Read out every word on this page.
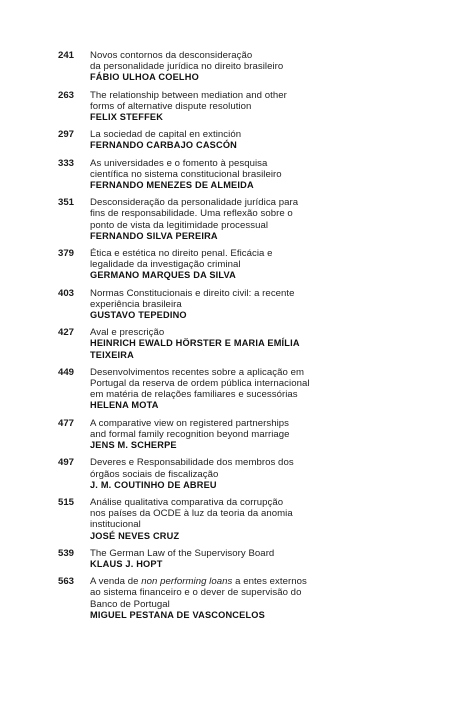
241	Novos contornos da desconsideração
da personalidade jurídica no direito brasileiro
FÁBIO ULHOA COELHO
263	The relationship between mediation and other
forms of alternative dispute resolution
FELIX STEFFEK
297	La sociedad de capital en extinción
FERNANDO CARBAJO CASCÓN
333	As universidades e o fomento à pesquisa
científica no sistema constitucional brasileiro
FERNANDO MENEZES DE ALMEIDA
351	Desconsideração da personalidade jurídica para
fins de responsabilidade. Uma reflexão sobre o
ponto de vista da legitimidade processual
FERNANDO SILVA PEREIRA
379	Ética e estética no direito penal. Eficácia e
legalidade da investigação criminal
GERMANO MARQUES DA SILVA
403	Normas Constitucionais e direito civil: a recente
experiência brasileira
GUSTAVO TEPEDINO
427	Aval e prescrição
HEINRICH EWALD HÖRSTER E MARIA EMÍLIA TEIXEIRA
449	Desenvolvimentos recentes sobre a aplicação em
Portugal da reserva de ordem pública internacional
em matéria de relações familiares e sucessórias
HELENA MOTA
477	A comparative view on registered partnerships
and formal family recognition beyond marriage
JENS M. SCHERPE
497	Deveres e Responsabilidade dos membros dos
órgãos sociais de fiscalização
J. M. COUTINHO DE ABREU
515	Análise qualitativa comparativa da corrupção
nos países da OCDE à luz da teoria da anomia
institucional
JOSÉ NEVES CRUZ
539	The German Law of the Supervisory Board
KLAUS J. HOPT
563	A venda de non performing loans a entes externos
ao sistema financeiro e o dever de supervisão do
Banco de Portugal
MIGUEL PESTANA DE VASCONCELOS
